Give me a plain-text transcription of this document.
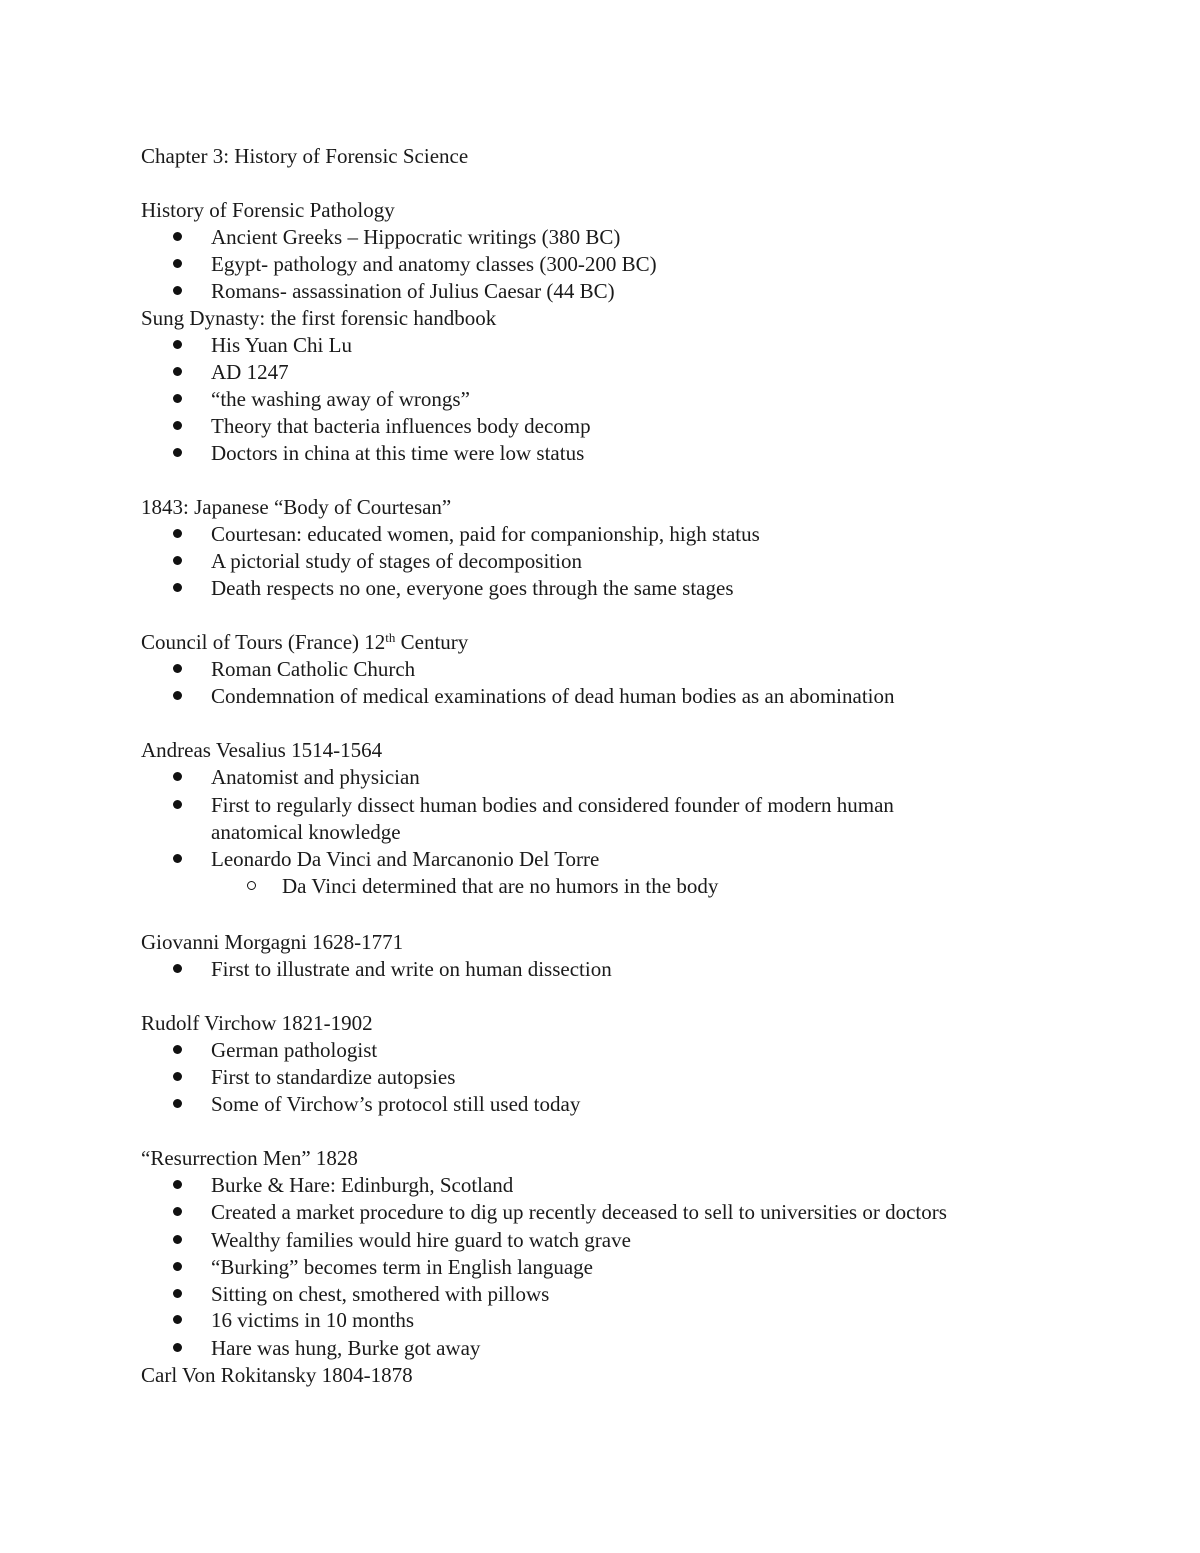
Chapter 3: History of Forensic Science
History of Forensic Pathology
Ancient Greeks – Hippocratic writings (380 BC)
Egypt- pathology and anatomy classes (300-200 BC)
Romans- assassination of Julius Caesar (44 BC)
Sung Dynasty: the first forensic handbook
His Yuan Chi Lu
AD 1247
“the washing away of wrongs”
Theory that bacteria influences body decomp
Doctors in china at this time were low status
1843: Japanese “Body of Courtesan”
Courtesan: educated women, paid for companionship, high status
A pictorial study of stages of decomposition
Death respects no one, everyone goes through the same stages
Council of Tours (France) 12th Century
Roman Catholic Church
Condemnation of medical examinations of dead human bodies as an abomination
Andreas Vesalius 1514-1564
Anatomist and physician
First to regularly dissect human bodies and considered founder of modern human
anatomical knowledge
Leonardo Da Vinci and Marcanonio Del Torre
Da Vinci determined that are no humors in the body
Giovanni Morgagni 1628-1771
First to illustrate and write on human dissection
Rudolf Virchow 1821-1902
German pathologist
First to standardize autopsies
Some of Virchow’s protocol still used today
“Resurrection Men” 1828
Burke & Hare: Edinburgh, Scotland
Created a market procedure to dig up recently deceased to sell to universities or doctors
Wealthy families would hire guard to watch grave
“Burking” becomes term in English language
Sitting on chest, smothered with pillows
16 victims in 10 months
Hare was hung, Burke got away
Carl Von Rokitansky 1804-1878
